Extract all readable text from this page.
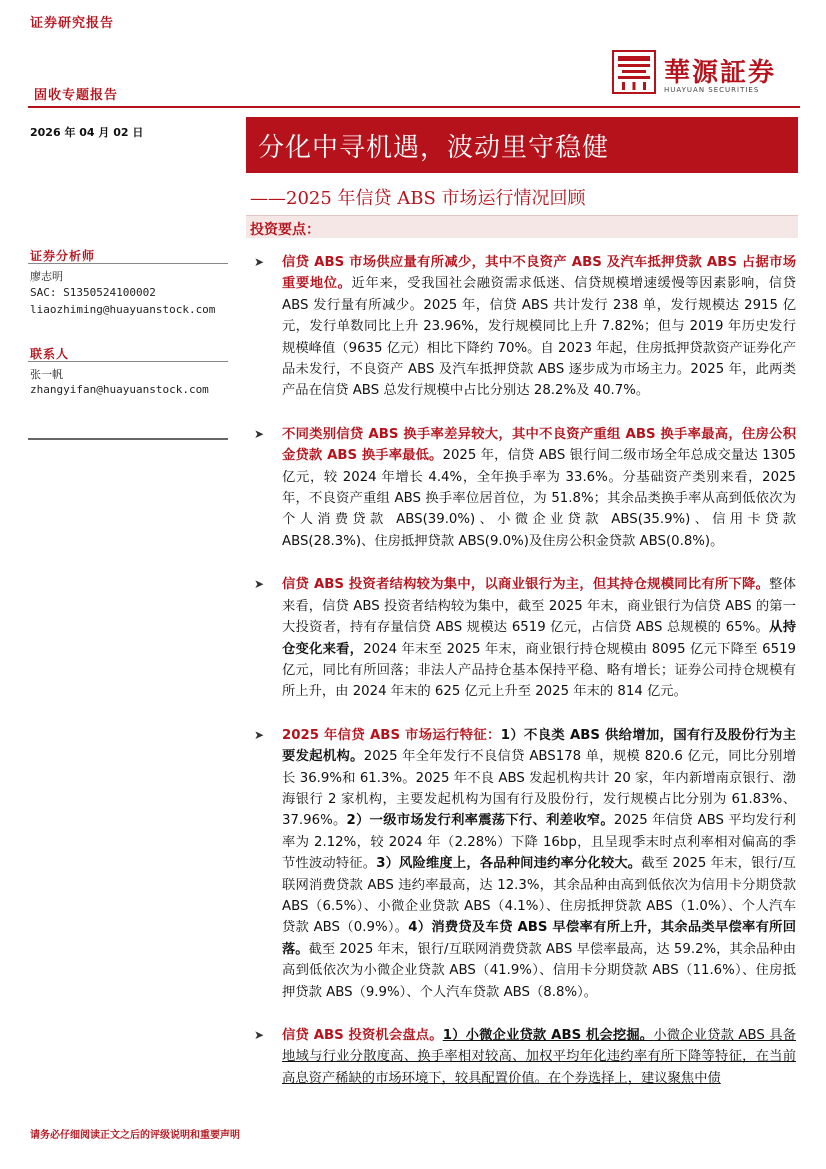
证券研究报告
固收专题报告
2026 年 04 月 02 日
華源証券
HUAYUAN SECURITIES
分化中寻机遇，波动里守稳健
——2025 年信贷 ABS 市场运行情况回顾
投资要点：
证券分析师
廖志明
SAC: S1350524100002
liaozhiming@huayuanstock.com
联系人
张一帆
zhangyifan@huayuanstock.com
➤ 信贷 ABS 市场供应量有所减少，其中不良资产 ABS 及汽车抵押贷款 ABS 占据市场重要地位。近年来，受我国社会融资需求低迷、信贷规模增速缓慢等因素影响，信贷 ABS 发行量有所减少。2025 年，信贷 ABS 共计发行 238 单，发行规模达 2915 亿元，发行单数同比上升 23.96%，发行规模同比上升 7.82%；但与 2019 年历史发行规模峰值（9635 亿元）相比下降约 70%。自 2023 年起，住房抵押贷款资产证券化产品未发行，不良资产 ABS 及汽车抵押贷款 ABS 逐步成为市场主力。2025 年，此两类产品在信贷 ABS 总发行规模中占比分别达 28.2%及 40.7%。
➤ 不同类别信贷 ABS 换手率差异较大，其中不良资产重组 ABS 换手率最高，住房公积金贷款 ABS 换手率最低。2025 年，信贷 ABS 银行间二级市场全年总成交量达 1305 亿元，较 2024 年增长 4.4%，全年换手率为 33.6%。分基础资产类别来看，2025 年，不良资产重组 ABS 换手率位居首位，为 51.8%；其余品类换手率从高到低依次为个人消费贷款 ABS(39.0%)、小微企业贷款 ABS(35.9%)、信用卡贷款 ABS(28.3%)、住房抵押贷款 ABS(9.0%)及住房公积金贷款 ABS(0.8%)。
➤ 信贷 ABS 投资者结构较为集中，以商业银行为主，但其持仓规模同比有所下降。整体来看，信贷 ABS 投资者结构较为集中，截至 2025 年末，商业银行为信贷 ABS 的第一大投资者，持有存量信贷 ABS 规模达 6519 亿元，占信贷 ABS 总规模的 65%。从持仓变化来看，2024 年末至 2025 年末，商业银行持仓规模由 8095 亿元下降至 6519 亿元，同比有所回落；非法人产品持仓基本保持平稳、略有增长；证券公司持仓规模有所上升，由 2024 年末的 625 亿元上升至 2025 年末的 814 亿元。
➤ 2025 年信贷 ABS 市场运行特征：1）不良类 ABS 供给增加，国有行及股份行为主要发起机构。2025 年全年发行不良信贷 ABS178 单，规模 820.6 亿元，同比分别增长 36.9%和 61.3%。2025 年不良 ABS 发起机构共计 20 家，年内新增南京银行、渤海银行 2 家机构，主要发起机构为国有行及股份行，发行规模占比分别为 61.83%、37.96%。2）一级市场发行利率震荡下行、利差收窄。2025 年信贷 ABS 平均发行利率为 2.12%，较 2024 年（2.28%）下降 16bp，且呈现季末时点利率相对偏高的季节性波动特征。3）风险维度上，各品种间违约率分化较大。截至 2025 年末，银行/互联网消费贷款 ABS 违约率最高，达 12.3%，其余品种由高到低依次为信用卡分期贷款 ABS（6.5%）、小微企业贷款 ABS（4.1%）、住房抵押贷款 ABS（1.0%）、个人汽车贷款 ABS（0.9%）。4）消费贷及车贷 ABS 早偿率有所上升，其余品类早偿率有所回落。截至 2025 年末，银行/互联网消费贷款 ABS 早偿率最高，达 59.2%，其余品种由高到低依次为小微企业贷款 ABS（41.9%）、信用卡分期贷款 ABS（11.6%）、住房抵押贷款 ABS（9.9%）、个人汽车贷款 ABS（8.8%）。
➤ 信贷 ABS 投资机会盘点。1）小微企业贷款 ABS 机会挖掘。小微企业贷款 ABS 具备地域与行业分散度高、换手率相对较高、加权平均年化违约率有所下降等特征，在当前高息资产稀缺的市场环境下，较具配置价值。在个券选择上，建议聚焦中债
请务必仔细阅读正文之后的评级说明和重要声明
